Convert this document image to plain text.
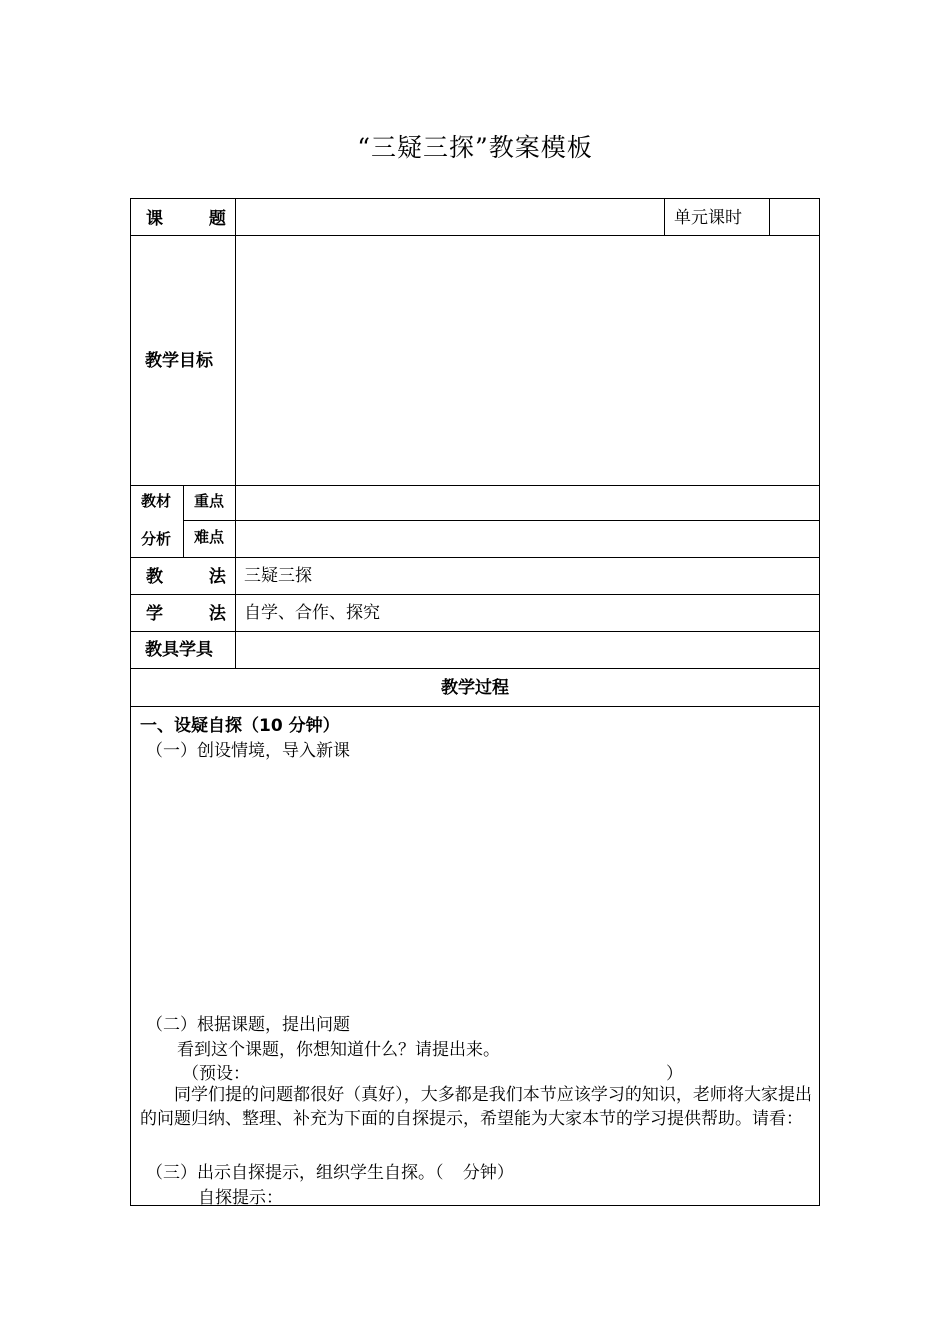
“三疑三探”教案模板
课 题	单元课时
教学目标
教材
分析
重点
难点
教 法 三疑三探
学 法 自学、合作、探究
教具学具
教学过程
一、设疑自探（10 分钟）
（一）创设情境，导入新课
（二）根据课题，提出问题
看到这个课题，你想知道什么？请提出来。
（预设：	）
同学们提的问题都很好（真好），大多都是我们本节应该学习的知识，老师将大家提出的问题归纳、整理、补充为下面的自探提示，希望能为大家本节的学习提供帮助。请看：
（三）出示自探提示，组织学生自探。（ 分钟）
自探提示：
